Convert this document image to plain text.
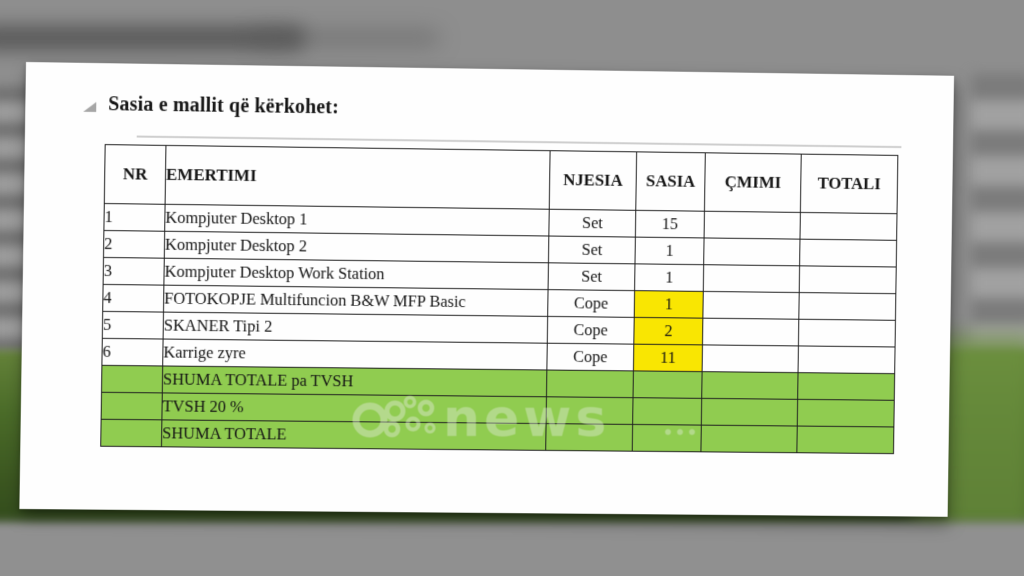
Sasia e mallit që kërkohet:
NR	EMERTIMI	NJESIA	SASIA	ÇMIMI	TOTALI
1	Kompjuter Desktop 1	Set	15		
2	Kompjuter Desktop 2	Set	1		
3	Kompjuter Desktop Work Station	Set	1		
4	FOTOKOPJE Multifuncion B&W MFP Basic	Cope	1		
5	SKANER Tipi 2	Cope	2		
6	Karrige zyre	Cope	11		
	SHUMA TOTALE pa TVSH				
	TVSH 20 %				
	SHUMA TOTALE					news
